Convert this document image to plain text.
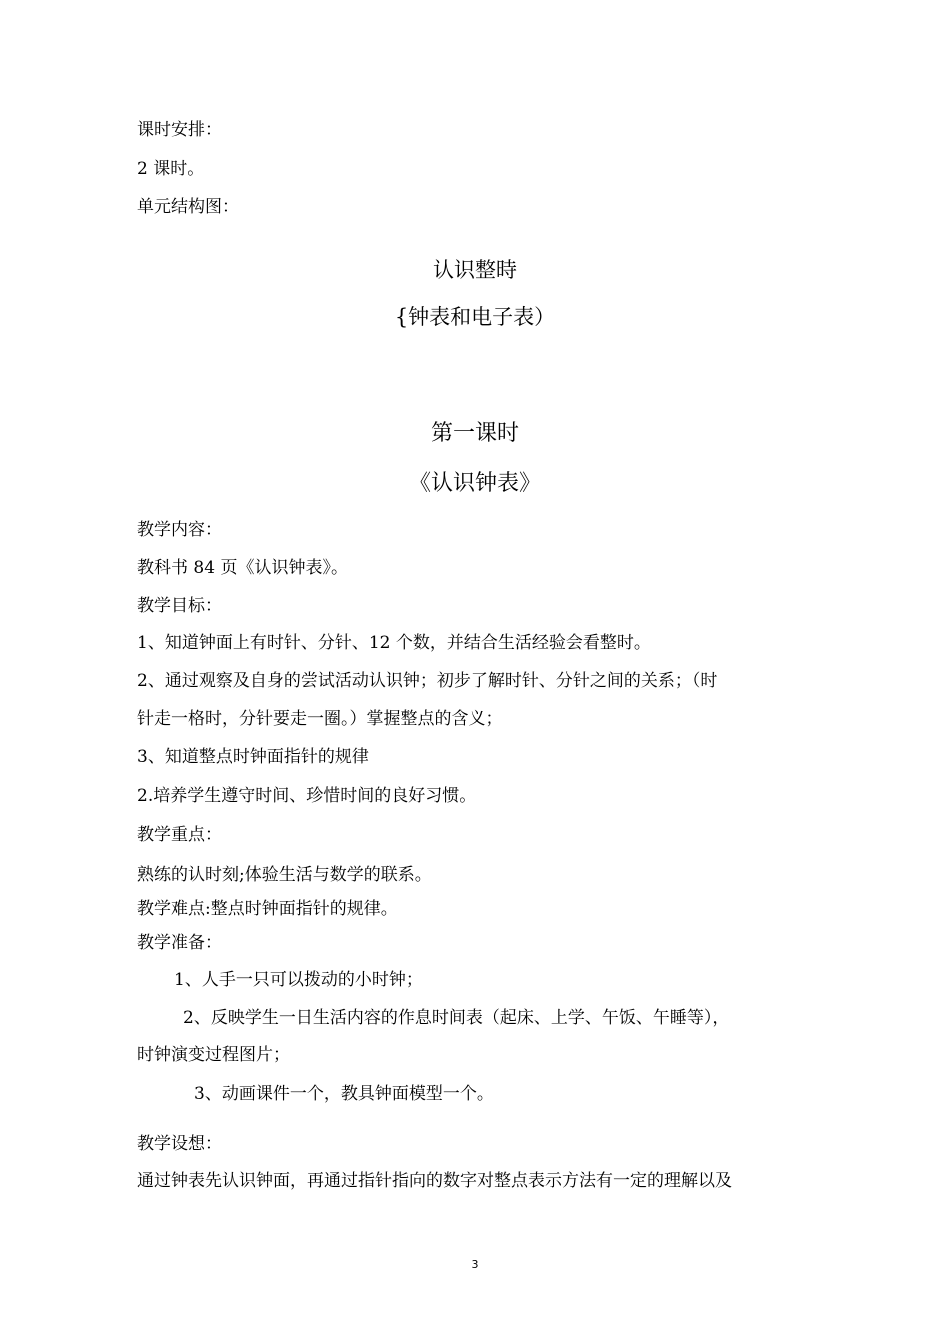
课时安排：
2 课时。
单元结构图：
认识整時
{钟表和电子表）
第一课时
《认识钟表》
教学内容：
教科书 84 页《认识钟表》。
教学目标：
1、知道钟面上有时针、分针、12 个数，并结合生活经验会看整时。
2、通过观察及自身的尝试活动认识钟；初步了解时针、分针之间的关系；（时
针走一格时，分针要走一圈。）掌握整点的含义；
3、知道整点时钟面指针的规律
2.培养学生遵守时间、珍惜时间的良好习惯。
教学重点：
熟练的认时刻;体验生活与数学的联系。
教学难点:整点时钟面指针的规律。
教学准备：
1、人手一只可以拨动的小时钟；
2、反映学生一日生活内容的作息时间表（起床、上学、午饭、午睡等），
时钟演变过程图片；
3、动画课件一个，教具钟面模型一个。
教学设想：
通过钟表先认识钟面，再通过指针指向的数字对整点表示方法有一定的理解以及
3
